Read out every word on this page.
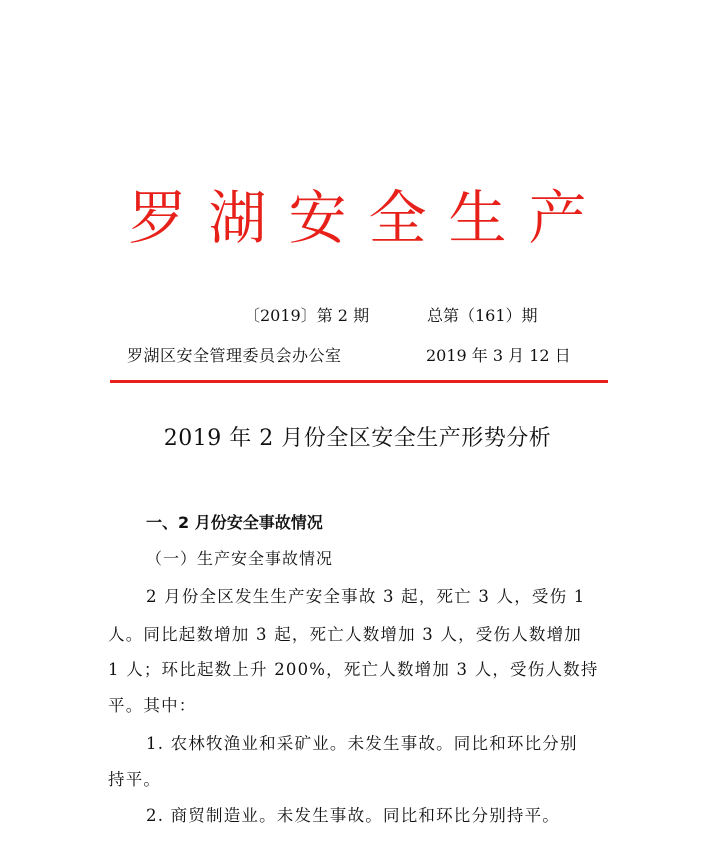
罗湖安全生产
〔2019〕第 2 期	总第（161）期
罗湖区安全管理委员会办公室	2019 年 3 月 12 日
2019 年 2 月份全区安全生产形势分析
一、2 月份安全事故情况
（一）生产安全事故情况
2 月份全区发生生产安全事故 3 起，死亡 3 人，受伤 1
人。同比起数增加 3 起，死亡人数增加 3 人，受伤人数增加
1 人；环比起数上升 200%，死亡人数增加 3 人，受伤人数持
平。其中：
1. 农林牧渔业和采矿业。未发生事故。同比和环比分别
持平。
2. 商贸制造业。未发生事故。同比和环比分别持平。
